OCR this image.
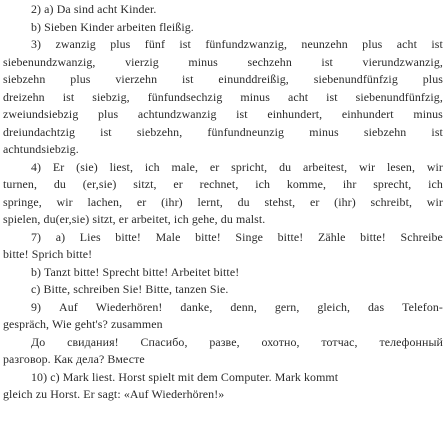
2) a) Da sind acht Kinder.
b) Sieben Kinder arbeiten fleißig.
3) zwanzig plus fünf ist fünfundzwanzig, neunzehn plus acht ist
siebenundzwanzig, vierzig minus sechzehn ist vierundzwanzig,
siebzehn plus vierzehn ist einunddreißig, siebenundfünfzig plus
dreizehn ist siebzig, fünfundsechzig minus acht ist siebenundfünfzig,
zweiundsiebzig plus achtundzwanzig ist einhundert, einhundert minus
dreiundachtzig ist siebzehn, fünfundneunzig minus siebzehn ist
achtundsiebzig.
4) Er (sie) liest, ich male, er spricht, du arbeitest, wir lesen, wir
turnen, du (er,sie) sitzt, er rechnet, ich komme, ihr sprecht, ich
springe, wir lachen, er (ihr) lernt, du stehst, er (ihr) schreibt, wir
spielen, du(er,sie) sitzt, er arbeitet, ich gehe, du malst.
7) a) Lies bitte! Male bitte! Singe bitte! Zähle bitte! Schreibe
bitte! Sprich bitte!
b) Tanzt bitte! Sprecht bitte! Arbeitet bitte!
c) Bitte, schreiben Sie! Bitte, tanzen Sie.
9) Auf Wiederhören! danke, denn, gern, gleich, das Telefon-
gespräch, Wie geht's? zusammen
До свидания! Спасибо, разве, охотно, тотчас, телефонный
разговор. Как дела? Вместе
10) c) Mark liest. Horst spielt mit dem Computer. Mark kommt
gleich zu Horst. Er sagt: «Auf Wiederhören!»
